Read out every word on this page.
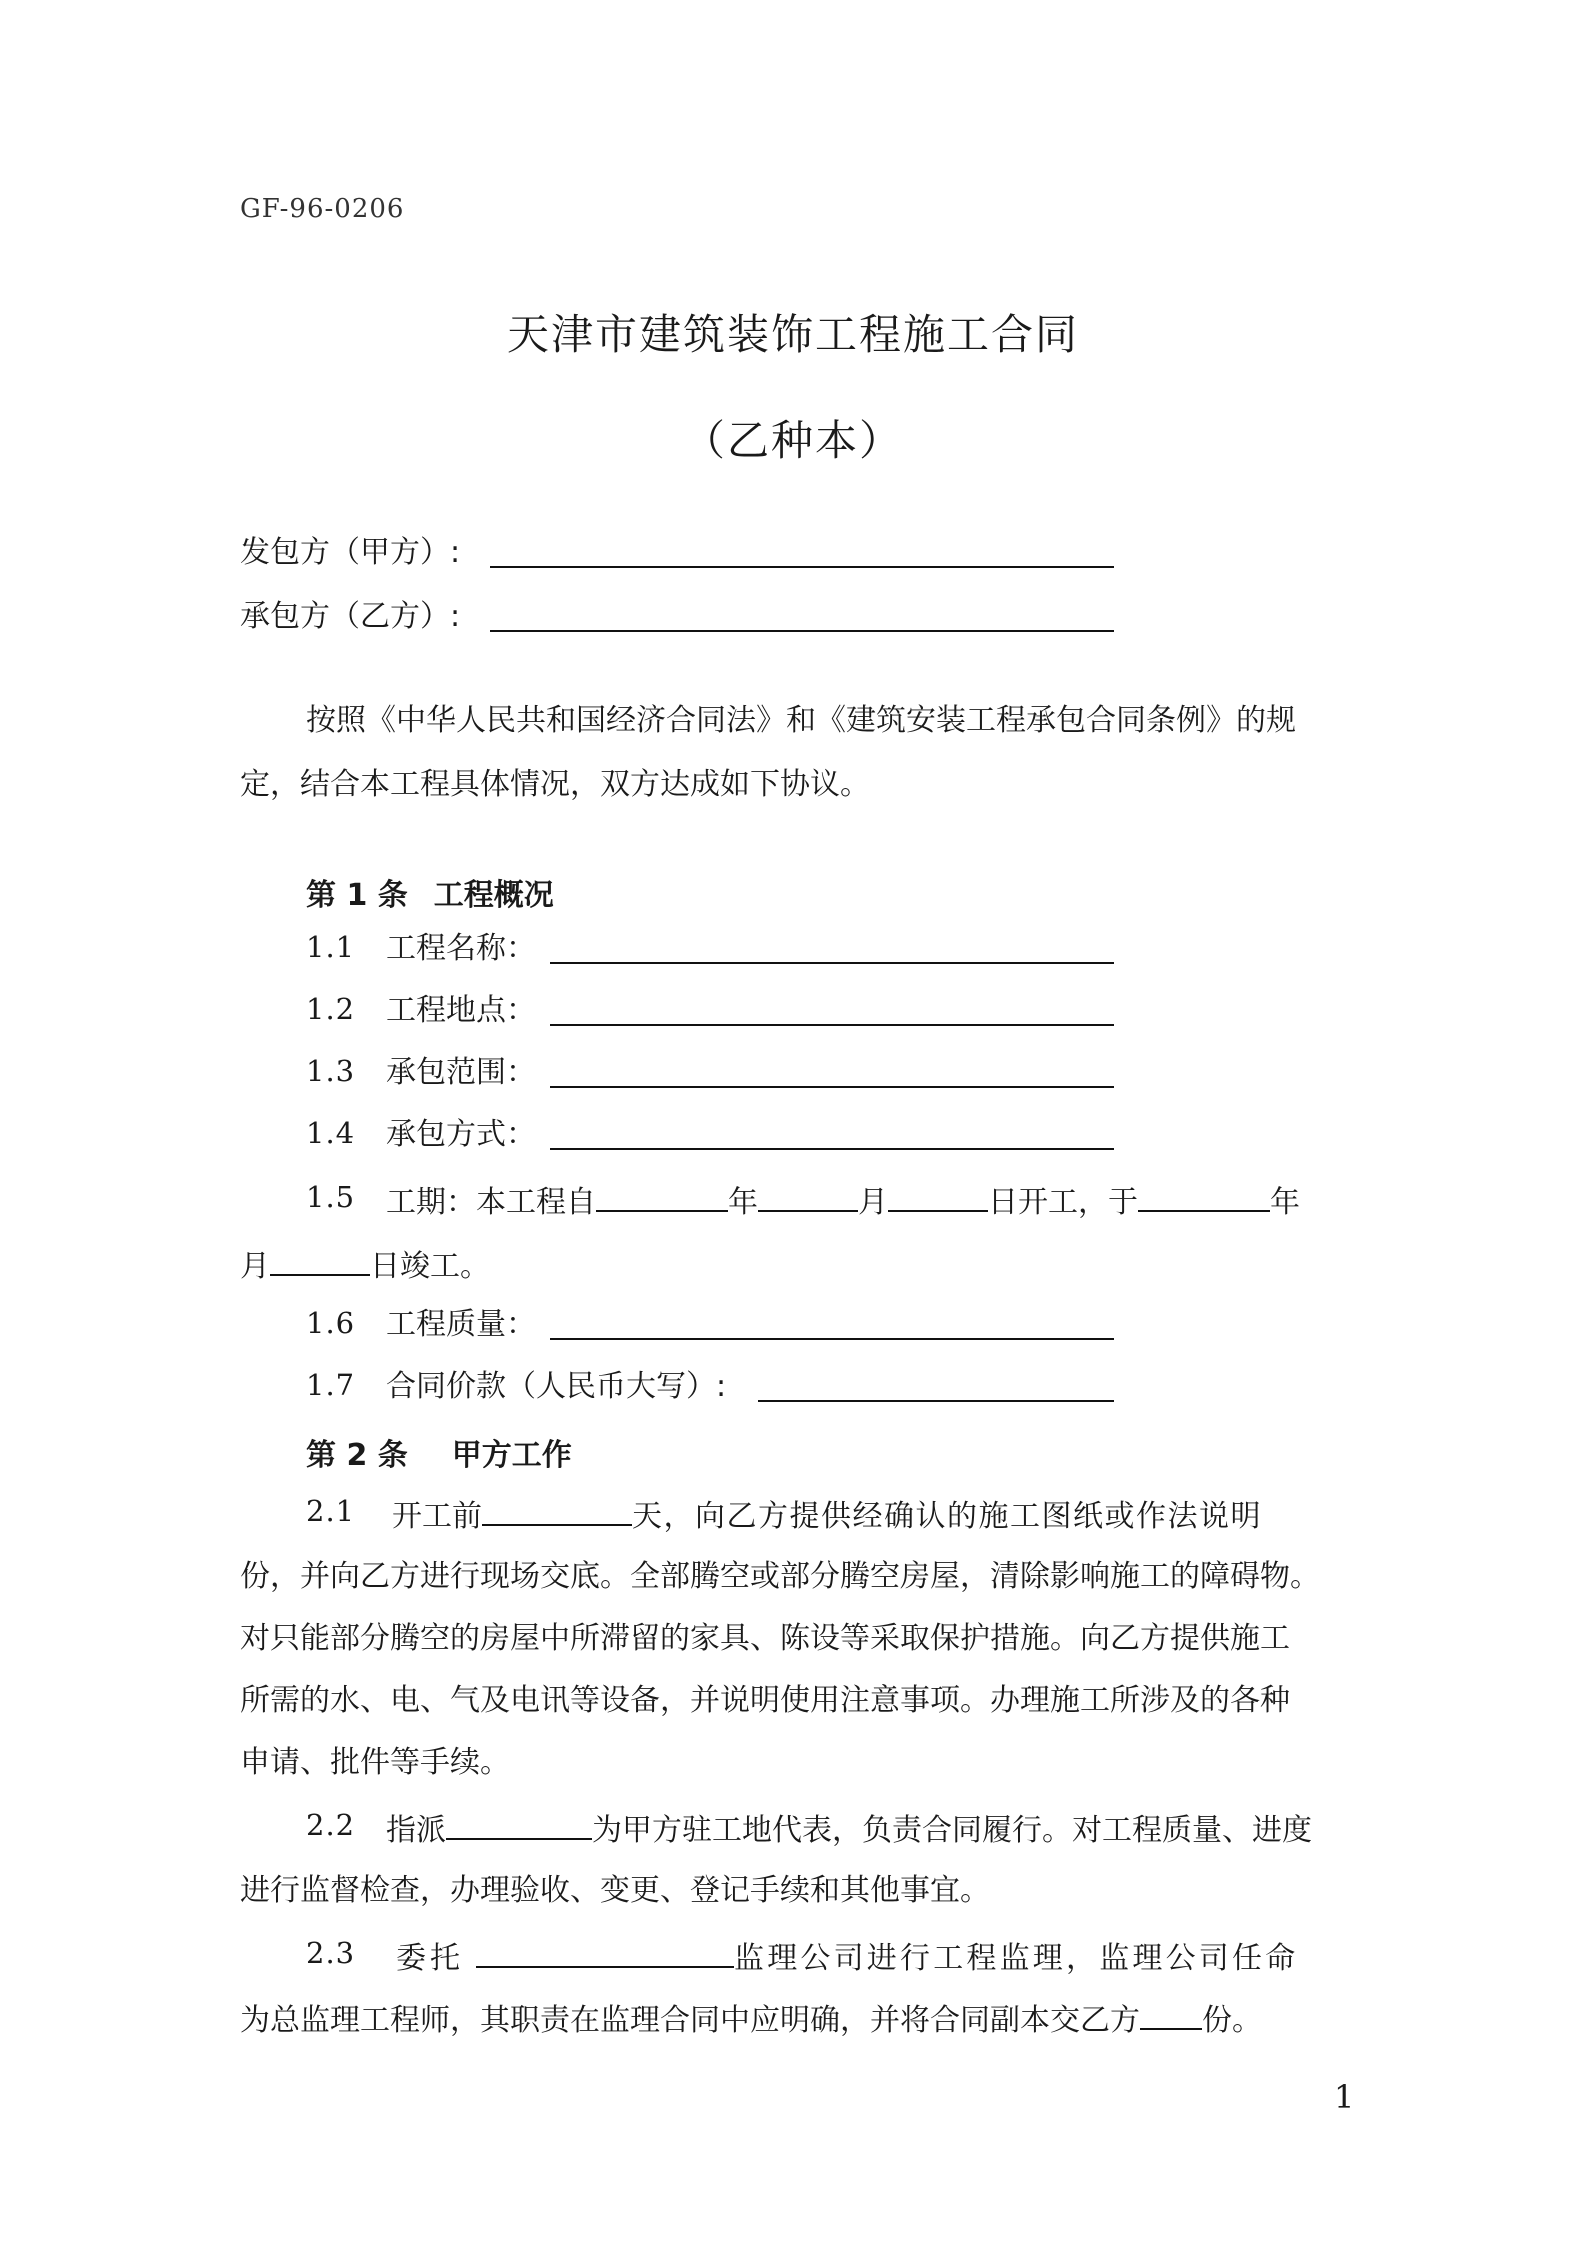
GF-96-0206
天津市建筑装饰工程施工合同
（乙种本）
发包方（甲方）:
承包方（乙方）:
按照《中华人民共和国经济合同法》和《建筑安装工程承包合同条例》的规
定，结合本工程具体情况，双方达成如下协议。
第 1 条 工程概况
1.1 工程名称：
1.2 工程地点：
1.3 承包范围：
1.4 承包方式：
1.5 工期：本工程自	年	月	日开工，于	年
月	日竣工。
1.6 工程质量：
1.7 合同价款（人民币大写）:
第 2 条 甲方工作
2.1 开工前	天，向乙方提供经确认的施工图纸或作法说明
份，并向乙方进行现场交底。全部腾空或部分腾空房屋，清除影响施工的障碍物。
对只能部分腾空的房屋中所滞留的家具、陈设等采取保护措施。向乙方提供施工
所需的水、电、气及电讯等设备，并说明使用注意事项。办理施工所涉及的各种
申请、批件等手续。
2.2 指派	为甲方驻工地代表，负责合同履行。对工程质量、进度
进行监督检查，办理验收、变更、登记手续和其他事宜。
2.3 委托	监理公司进行工程监理，监理公司任命
为总监理工程师，其职责在监理合同中应明确，并将合同副本交乙方 份。
1
